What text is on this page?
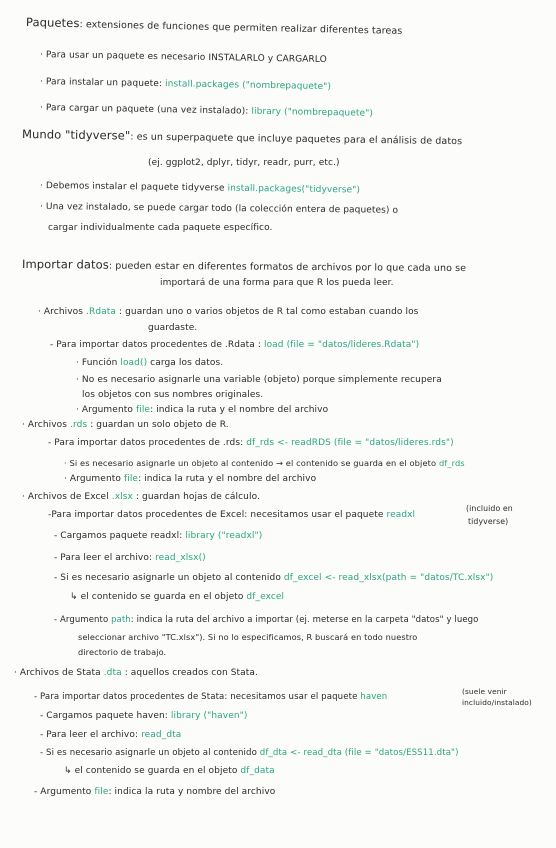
Paquetes: extensiones de funciones que permiten realizar diferentes tareas
· Para usar un paquete es necesario INSTALARLO y CARGARLO
· Para instalar un paquete: install.packages ("nombrepaquete")
· Para cargar un paquete (una vez instalado): library ("nombrepaquete")
Mundo "tidyverse": es un superpaquete que incluye paquetes para el análisis de datos
(ej. ggplot2, dplyr, tidyr, readr, purr, etc.)
· Debemos instalar el paquete tidyverse install.packages("tidyverse")
· Una vez instalado, se puede cargar todo (la colección entera de paquetes) o
cargar individualmente cada paquete específico.
Importar datos: pueden estar en diferentes formatos de archivos por lo que cada uno se
importará de una forma para que R los pueda leer.
· Archivos .Rdata : guardan uno o varios objetos de R tal como estaban cuando los
guardaste.
- Para importar datos procedentes de .Rdata : load (file = "datos/lideres.Rdata")
· Función load() carga los datos.
· No es necesario asignarle una variable (objeto) porque simplemente recupera
los objetos con sus nombres originales.
· Argumento file: indica la ruta y el nombre del archivo
· Archivos .rds : guardan un solo objeto de R.
- Para importar datos procedentes de .rds: df_rds <- readRDS (file = "datos/lideres.rds")
· Si es necesario asignarle un objeto al contenido → el contenido se guarda en el objeto df_rds
· Argumento file: indica la ruta y el nombre del archivo
· Archivos de Excel .xlsx : guardan hojas de cálculo.
-Para importar datos procedentes de Excel: necesitamos usar el paquete readxl
(incluido en
tidyverse)
- Cargamos paquete readxl: library ("readxl")
- Para leer el archivo: read_xlsx()
- Si es necesario asignarle un objeto al contenido df_excel <- read_xlsx(path = "datos/TC.xlsx")
↳ el contenido se guarda en el objeto df_excel
- Argumento path: indica la ruta del archivo a importar (ej. meterse en la carpeta "datos" y luego
seleccionar archivo "TC.xlsx"). Si no lo especificamos, R buscará en todo nuestro
directorio de trabajo.
· Archivos de Stata .dta : aquellos creados con Stata.
- Para importar datos procedentes de Stata: necesitamos usar el paquete haven
(suele venir
incluido/instalado)
- Cargamos paquete haven: library ("haven")
- Para leer el archivo: read_dta
- Si es necesario asignarle un objeto al contenido df_dta <- read_dta (file = "datos/ESS11.dta")
↳ el contenido se guarda en el objeto df_data
- Argumento file: indica la ruta y nombre del archivo
